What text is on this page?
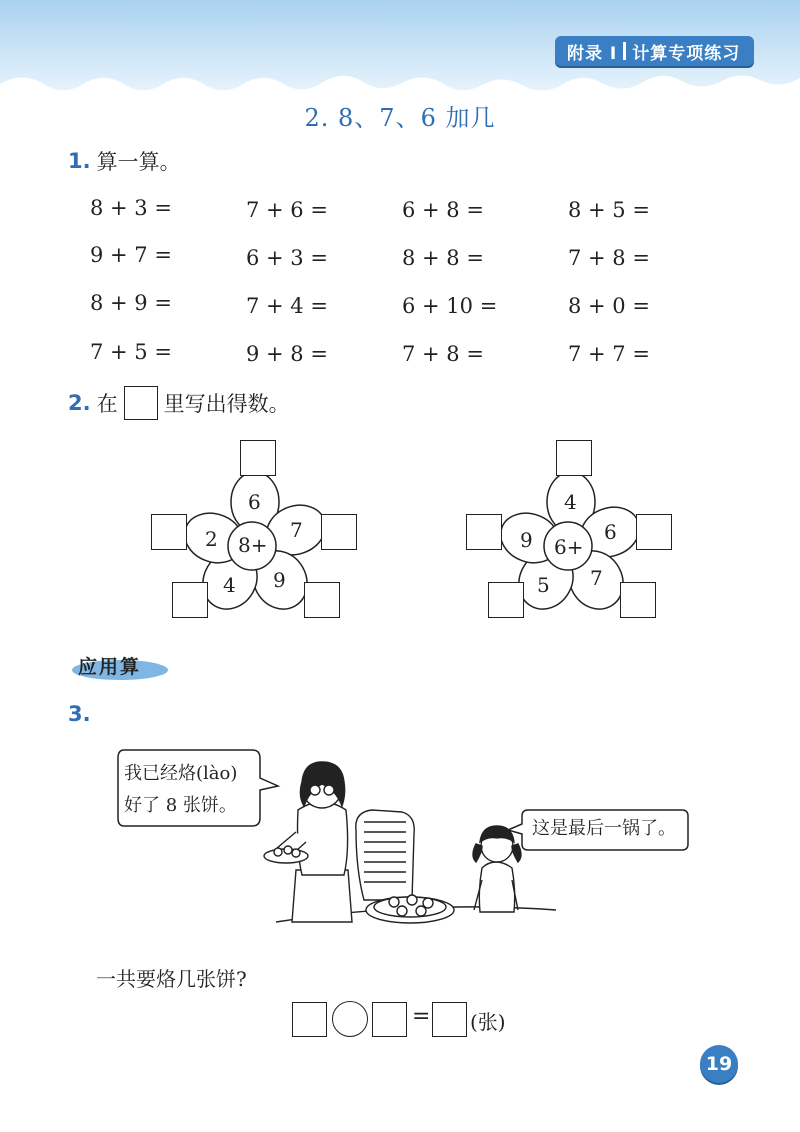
附录 I 计算专项练习
2. 8、7、6 加几
1. 算一算。
8 + 3 =	7 + 6 =	6 + 8 =	8 + 5 =
9 + 7 =	6 + 3 =	8 + 8 =	7 + 8 =
8 + 9 =	7 + 4 =	6 + 10 =	8 + 0 =
7 + 5 =	9 + 8 =	7 + 8 =	7 + 7 =
2. 在 里写出得数。
6
7
9
4
2 8+
4
6
7
5
9 6+
应用算
3.
我已经烙(lào)
好了 8 张饼。
这是最后一锅了。
一共要烙几张饼?
= (张)
19
